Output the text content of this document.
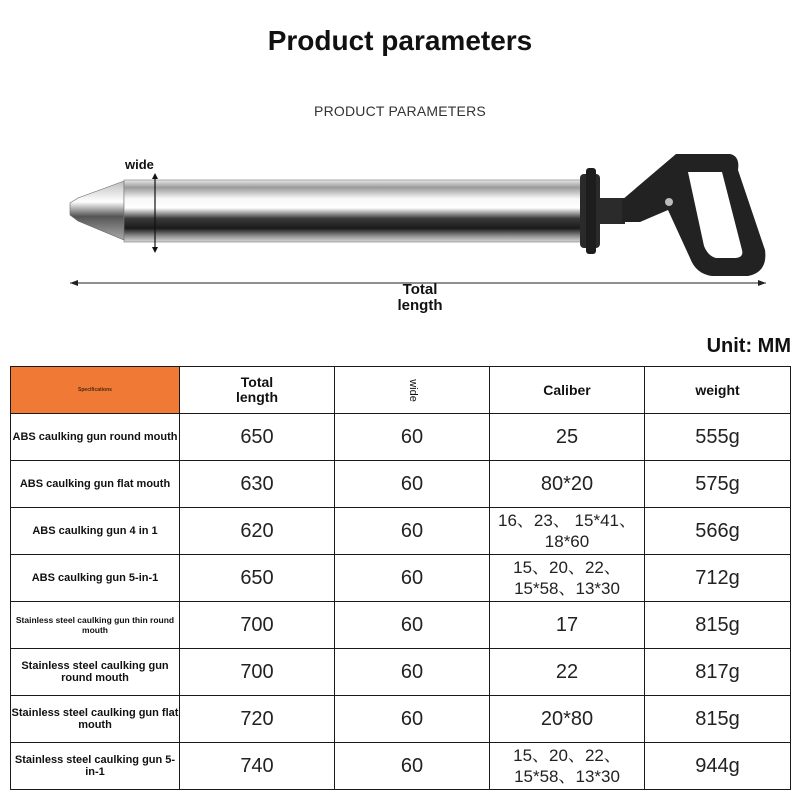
Product parameters
PRODUCT PARAMETERS
wide
Total length
Unit: MM
Specifications	Total length	wide	Caliber	weight
ABS caulking gun round mouth	650	60	25	555g
ABS caulking gun flat mouth	630	60	80*20	575g
ABS caulking gun 4 in 1	620	60	16、23、 15*41、18*60	566g
ABS caulking gun 5-in-1	650	60	15、20、22、 15*58、13*30	712g
Stainless steel caulking gun thin round mouth	700	60	17	815g
Stainless steel caulking gun round mouth	700	60	22	817g
Stainless steel caulking gun flat mouth	720	60	20*80	815g
Stainless steel caulking gun 5-in-1	740	60	15、20、22、 15*58、13*30	944g
